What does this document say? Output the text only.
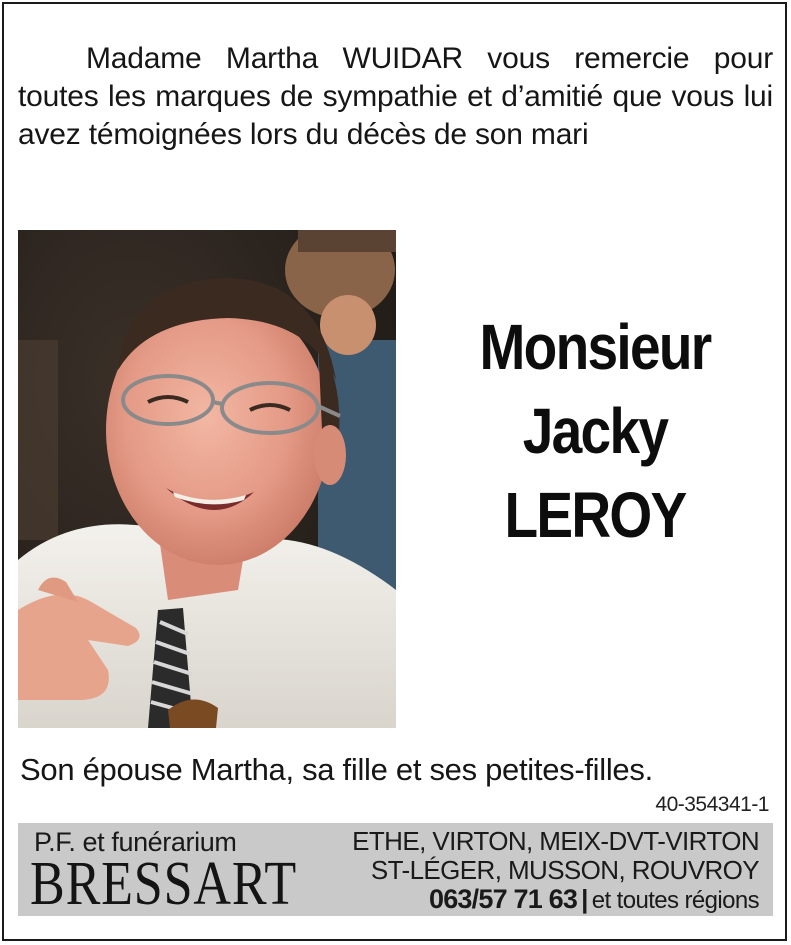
Madame Martha WUIDAR vous remercie pour toutes les marques de sympathie et d’amitié que vous lui avez témoignées lors du décès de son mari
Monsieur
Jacky
LEROY
Son épouse Martha, sa fille et ses petites-filles.
40-354341-1
P.F. et funérarium
BRESSART
ETHE, VIRTON, MEIX-DVT-VIRTON
ST-LÉGER, MUSSON, ROUVROY
063/57 71 63 | et toutes régions
